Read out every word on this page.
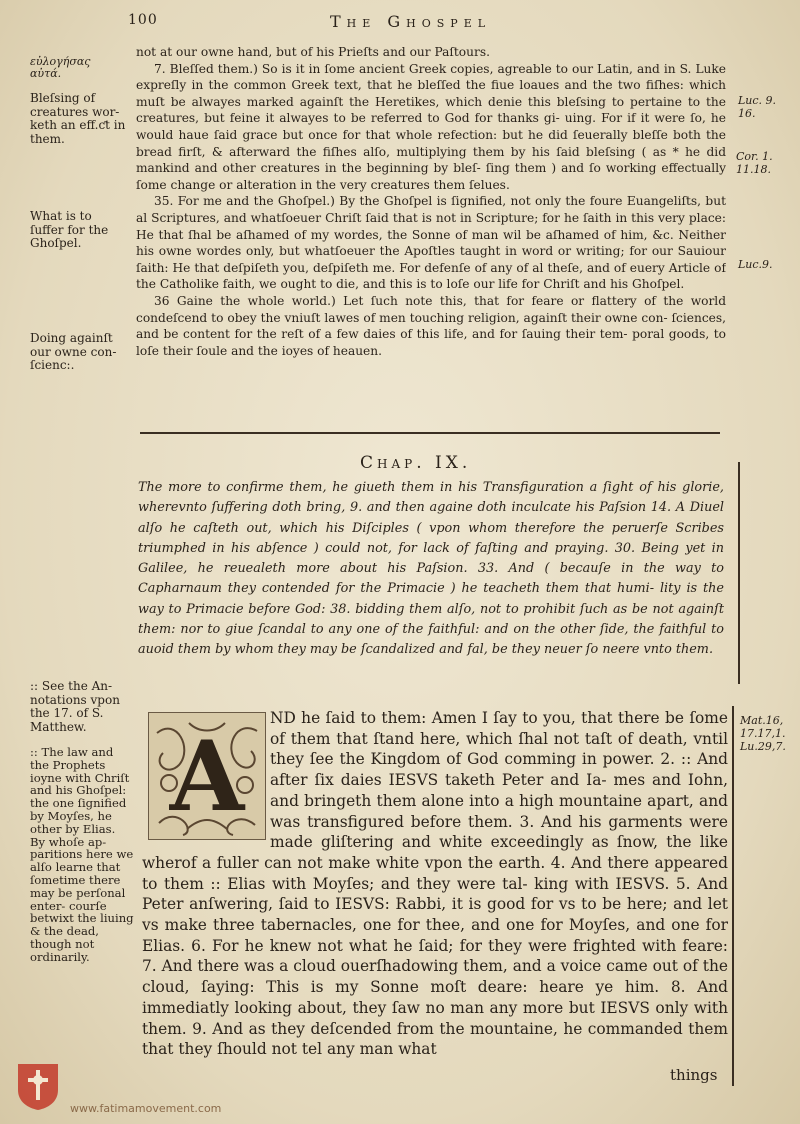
100	The Ghospel
εὐλογήσας
αὐτά.
Bleſsing of creatures wor- keth an eff.ƈt in them.
What is to ſuffer for the Ghoſpel.
Doing againſt our owne con- ſcienc:.
Luc. 9. 16.
Cor. 1. 11.18.
Luc.9.

not at our owne hand, but of his Prieſts and our Paſtours.

7. Bleſſed them.) So is it in ſome ancient Greek copies, agreable to our Latin, and in S. Luke expreſly in the common Greek text, that he bleſſed the fiue loaues and the two fiſhes: which muſt be alwayes marked againſt the Heretikes, which denie this bleſsing to pertaine to the creatures, but feine it alwayes to be referred to God for thanks gi- uing. For if it were ſo, he would haue ſaid grace but once for that whole refection: but he did ſeuerally bleſſe both the bread firſt, & afterward the fiſhes alſo, multiplying them by his ſaid bleſsing ( as * he did mankind and other creatures in the beginning by bleſ- ſing them ) and ſo working effectually ſome change or alteration in the very creatures them ſelues.

35. For me and the Ghoſpel.) By the Ghoſpel is ſignified, not only the foure Euangeliſts, but al Scriptures, and whatſoeuer Chriſt ſaid that is not in Scripture; for he ſaith in this very place: He that ſhal be aſhamed of my wordes, the Sonne of man wil be aſhamed of him, &c. Neither his owne wordes only, but whatſoeuer the Apoſtles taught in word or writing; for our Sauiour ſaith: He that deſpiſeth you, deſpiſeth me. For defenſe of any of al theſe, and of euery Article of the Catholike faith, we ought to die, and this is to loſe our life for Chriſt and his Ghoſpel.

36 Gaine the whole world.) Let ſuch note this, that for feare or flattery of the world condeſcend to obey the vniuſt lawes of men touching religion, againſt their owne con- ſciences, and be content for the reſt of a few daies of this life, and for ſauing their tem- poral goods, to loſe their ſoule and the ioyes of heauen.

Chap. IX.

The more to confirme them, he giueth them in his Transfiguration a ſight of his glorie, wherevnto ſuffering doth bring, 9. and then againe doth inculcate his Paſsion 14. A Diuel alſo he caſteth out, which his Diſciples ( vpon whom therefore the peruerſe Scribes triumphed in his abſence ) could not, for lack of faſting and praying. 30. Being yet in Galilee, he reuealeth more about his Paſsion. 33. And ( becauſe in the way to Capharnaum they contended for the Primacie ) he teacheth them that humi- lity is the way to Primacie before God: 38. bidding them alſo, not to prohibit ſuch as be not againſt them: nor to giue ſcandal to any one of the faithful: and on the other ſide, the faithful to auoid them by whom they may be ſcandalized and fal, be they neuer ſo neere vnto them.

:: See the An- notations vpon the 17. of S. Matthew.
:: The law and the Prophets ioyne with Chriſt and his Ghoſpel: the one ſignified by Moyſes, he other by Elias. By whoſe ap- paritions here we alſo learne that ſometime there may be perſonal enter- courſe betwixt the liuing & the dead, though not ordinarily.
Mat.16,
17.17,1.
Lu.29,7.
A

ND he ſaid to them: Amen I ſay to you, that there be ſome of them that ſtand here, which ſhal not taſt of death, vntil they ſee the Kingdom of God comming in power. 2. :: And after ſix daies IESVS taketh Peter and Ia- mes and Iohn, and bringeth them alone into a high mountaine apart, and was transfigured before them. 3. And his garments were made gliſtering and white exceedingly as ſnow, the like wherof a fuller can not make white vpon the earth. 4. And there appeared to them :: Elias with Moyſes; and they were tal- king with IESVS. 5. And Peter anſwering, ſaid to IESVS: Rabbi, it is good for vs to be here; and let vs make three tabernacles, one for thee, and one for Moyſes, and one for Elias. 6. For he knew not what he ſaid; for they were frighted with feare: 7. And there was a cloud ouerſhadowing them, and a voice came out of the cloud, ſaying: This is my Sonne moſt deare: heare ye him. 8. And immediatly looking about, they ſaw no man any more but IESVS only with them. 9. And as they deſcended from the mountaine, he commanded them that they ſhould not tel any man what

things
www.fatimamovement.com
